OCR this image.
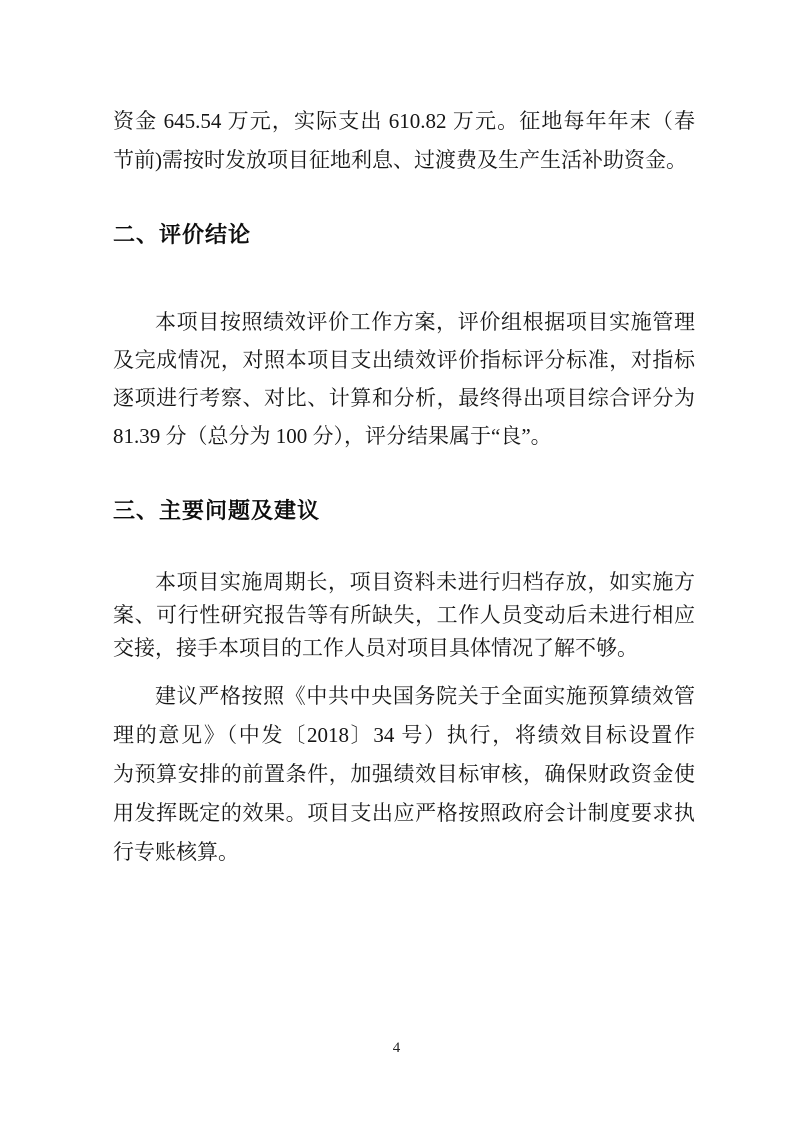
资金 645.54 万元，实际支出 610.82 万元。征地每年年末（春
节前)需按时发放项目征地利息、过渡费及生产生活补助资金。
二、评价结论
本项目按照绩效评价工作方案，评价组根据项目实施管理
及完成情况，对照本项目支出绩效评价指标评分标准，对指标
逐项进行考察、对比、计算和分析，最终得出项目综合评分为
81.39 分（总分为 100 分），评分结果属于“良”。
三、主要问题及建议
本项目实施周期长，项目资料未进行归档存放，如实施方
案、可行性研究报告等有所缺失，工作人员变动后未进行相应
交接，接手本项目的工作人员对项目具体情况了解不够。
建议严格按照《中共中央国务院关于全面实施预算绩效管
理的意见》（中发〔2018〕34 号）执行，将绩效目标设置作
为预算安排的前置条件，加强绩效目标审核，确保财政资金使
用发挥既定的效果。项目支出应严格按照政府会计制度要求执
行专账核算。
4
